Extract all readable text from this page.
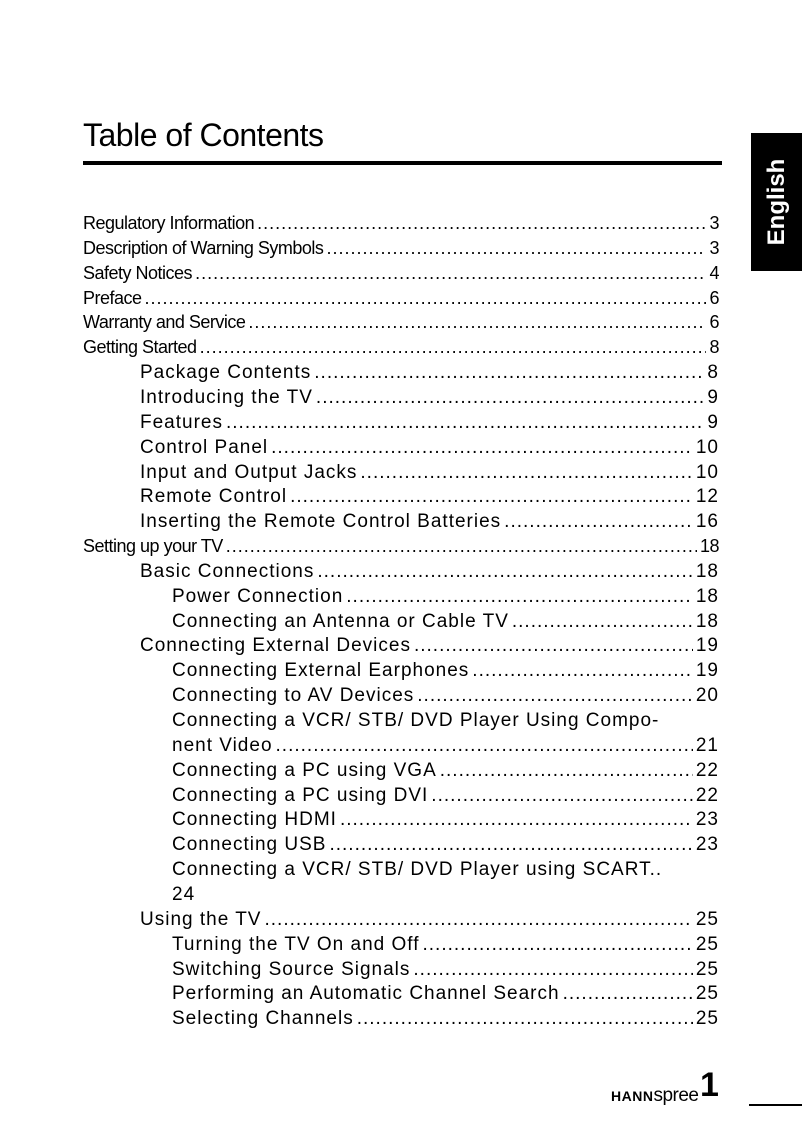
Table of Contents
English
Regulatory Information .....	3
Description of Warning Symbols .....	3
Safety Notices .....	4
Preface .....	6
Warranty and Service .....	6
Getting Started .....	8
Package Contents .....	8
Introducing the TV .....	9
Features .....	9
Control Panel .....	10
Input and Output Jacks .....	10
Remote Control .....	12
Inserting the Remote Control Batteries .....	16
Setting up your TV .....	18
Basic Connections .....	18
Power Connection .....	18
Connecting an Antenna or Cable TV .....	18
Connecting External Devices .....	19
Connecting External Earphones .....	19
Connecting to AV Devices .....	20
Connecting a VCR/ STB/ DVD Player Using Compo-
nent Video .....	21
Connecting a PC using VGA .....	22
Connecting a PC using DVI .....	22
Connecting HDMI .....	23
Connecting USB .....	23
Connecting a VCR/ STB/ DVD Player using SCART..
24
Using the TV .....	25
Turning the TV On and Off .....	25
Switching Source Signals .....	25
Performing an Automatic Channel Search .....	25
Selecting Channels .....	25
HANNspree 1
